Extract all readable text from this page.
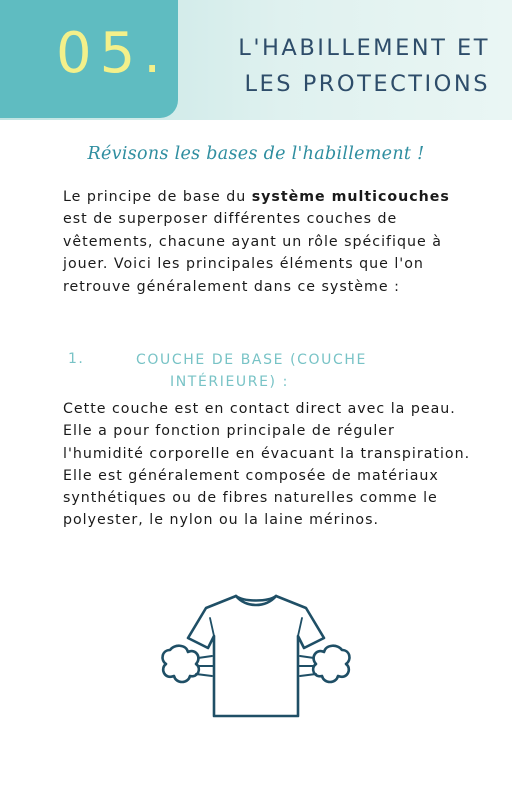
05.	L'HABILLEMENT ET
LES PROTECTIONS
Révisons les bases de l'habillement !

Le principe de base du système multicouches est de superposer différentes couches de vêtements, chacune ayant un rôle spécifique à jouer. Voici les principales éléments que l'on retrouve généralement dans ce système :

1.	COUCHE DE BASE (COUCHE
INTÉRIEURE) :

Cette couche est en contact direct avec la peau. Elle a pour fonction principale de réguler l'humidité corporelle en évacuant la transpiration. Elle est généralement composée de matériaux synthétiques ou de fibres naturelles comme le polyester, le nylon ou la laine mérinos.
